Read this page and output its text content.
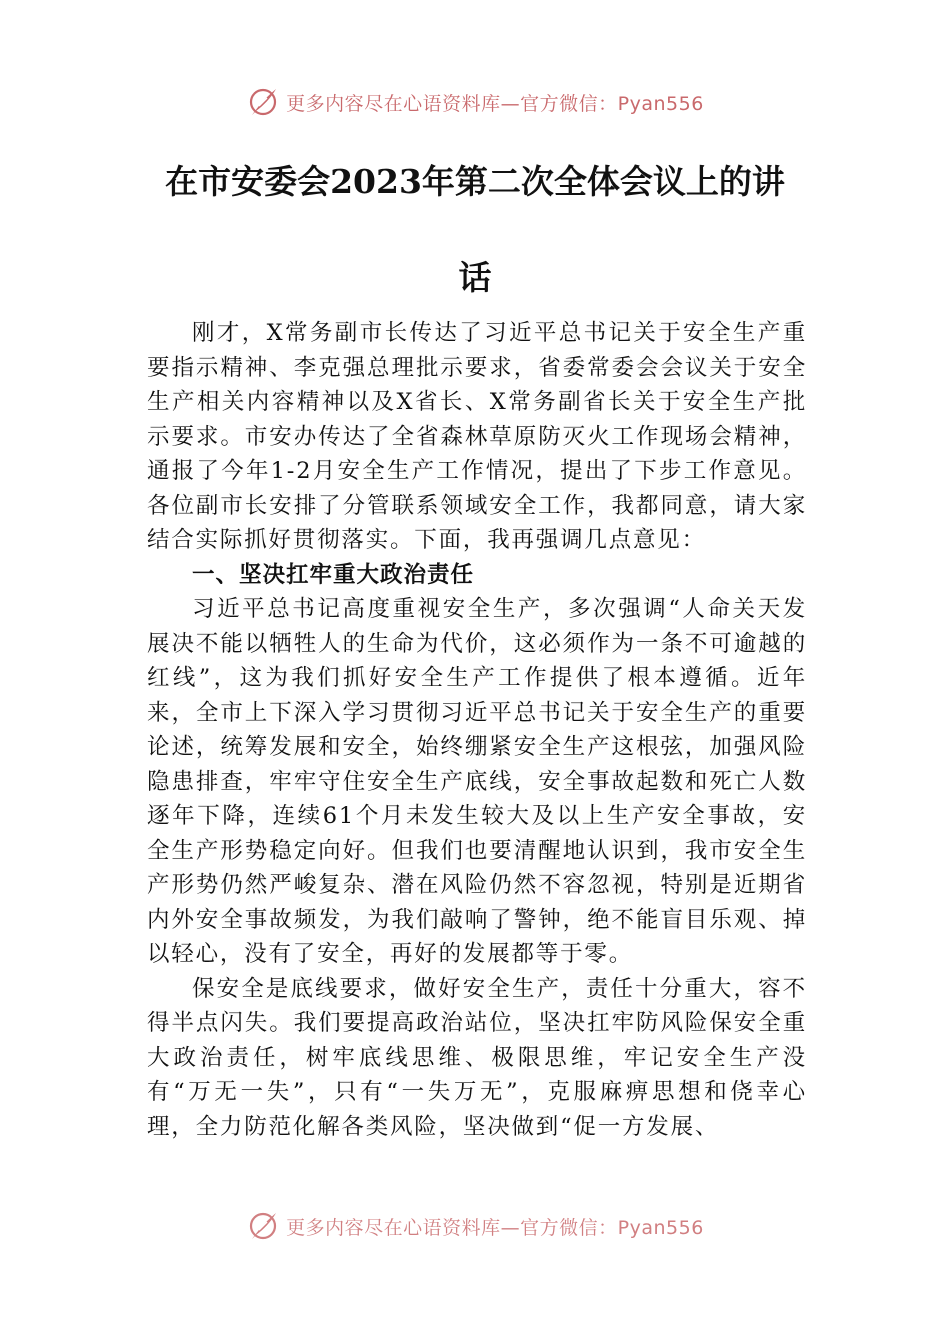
更多内容尽在心语资料库—官方微信：Pyan556
在市安委会2023年第二次全体会议上的讲
话

刚才，X常务副市长传达了习近平总书记关于安全生产重要指示精神、李克强总理批示要求，省委常委会会议关于安全生产相关内容精神以及X省长、X常务副省长关于安全生产批示要求。市安办传达了全省森林草原防灭火工作现场会精神，通报了今年1-2月安全生产工作情况，提出了下步工作意见。各位副市长安排了分管联系领域安全工作，我都同意，请大家结合实际抓好贯彻落实。下面，我再强调几点意见：

一、坚决扛牢重大政治责任

习近平总书记高度重视安全生产，多次强调“人命关天发展决不能以牺牲人的生命为代价，这必须作为一条不可逾越的红线”，这为我们抓好安全生产工作提供了根本遵循。近年来，全市上下深入学习贯彻习近平总书记关于安全生产的重要论述，统筹发展和安全，始终绷紧安全生产这根弦，加强风险隐患排查，牢牢守住安全生产底线，安全事故起数和死亡人数逐年下降，连续61个月未发生较大及以上生产安全事故，安全生产形势稳定向好。但我们也要清醒地认识到，我市安全生产形势仍然严峻复杂、潜在风险仍然不容忽视，特别是近期省内外安全事故频发，为我们敲响了警钟，绝不能盲目乐观、掉以轻心，没有了安全，再好的发展都等于零。

保安全是底线要求，做好安全生产，责任十分重大，容不得半点闪失。我们要提高政治站位，坚决扛牢防风险保安全重大政治责任，树牢底线思维、极限思维，牢记安全生产没有“万无一失”，只有“一失万无”，克服麻痹思想和侥幸心理，全力防范化解各类风险，坚决做到“促一方发展、

更多内容尽在心语资料库—官方微信：Pyan556
